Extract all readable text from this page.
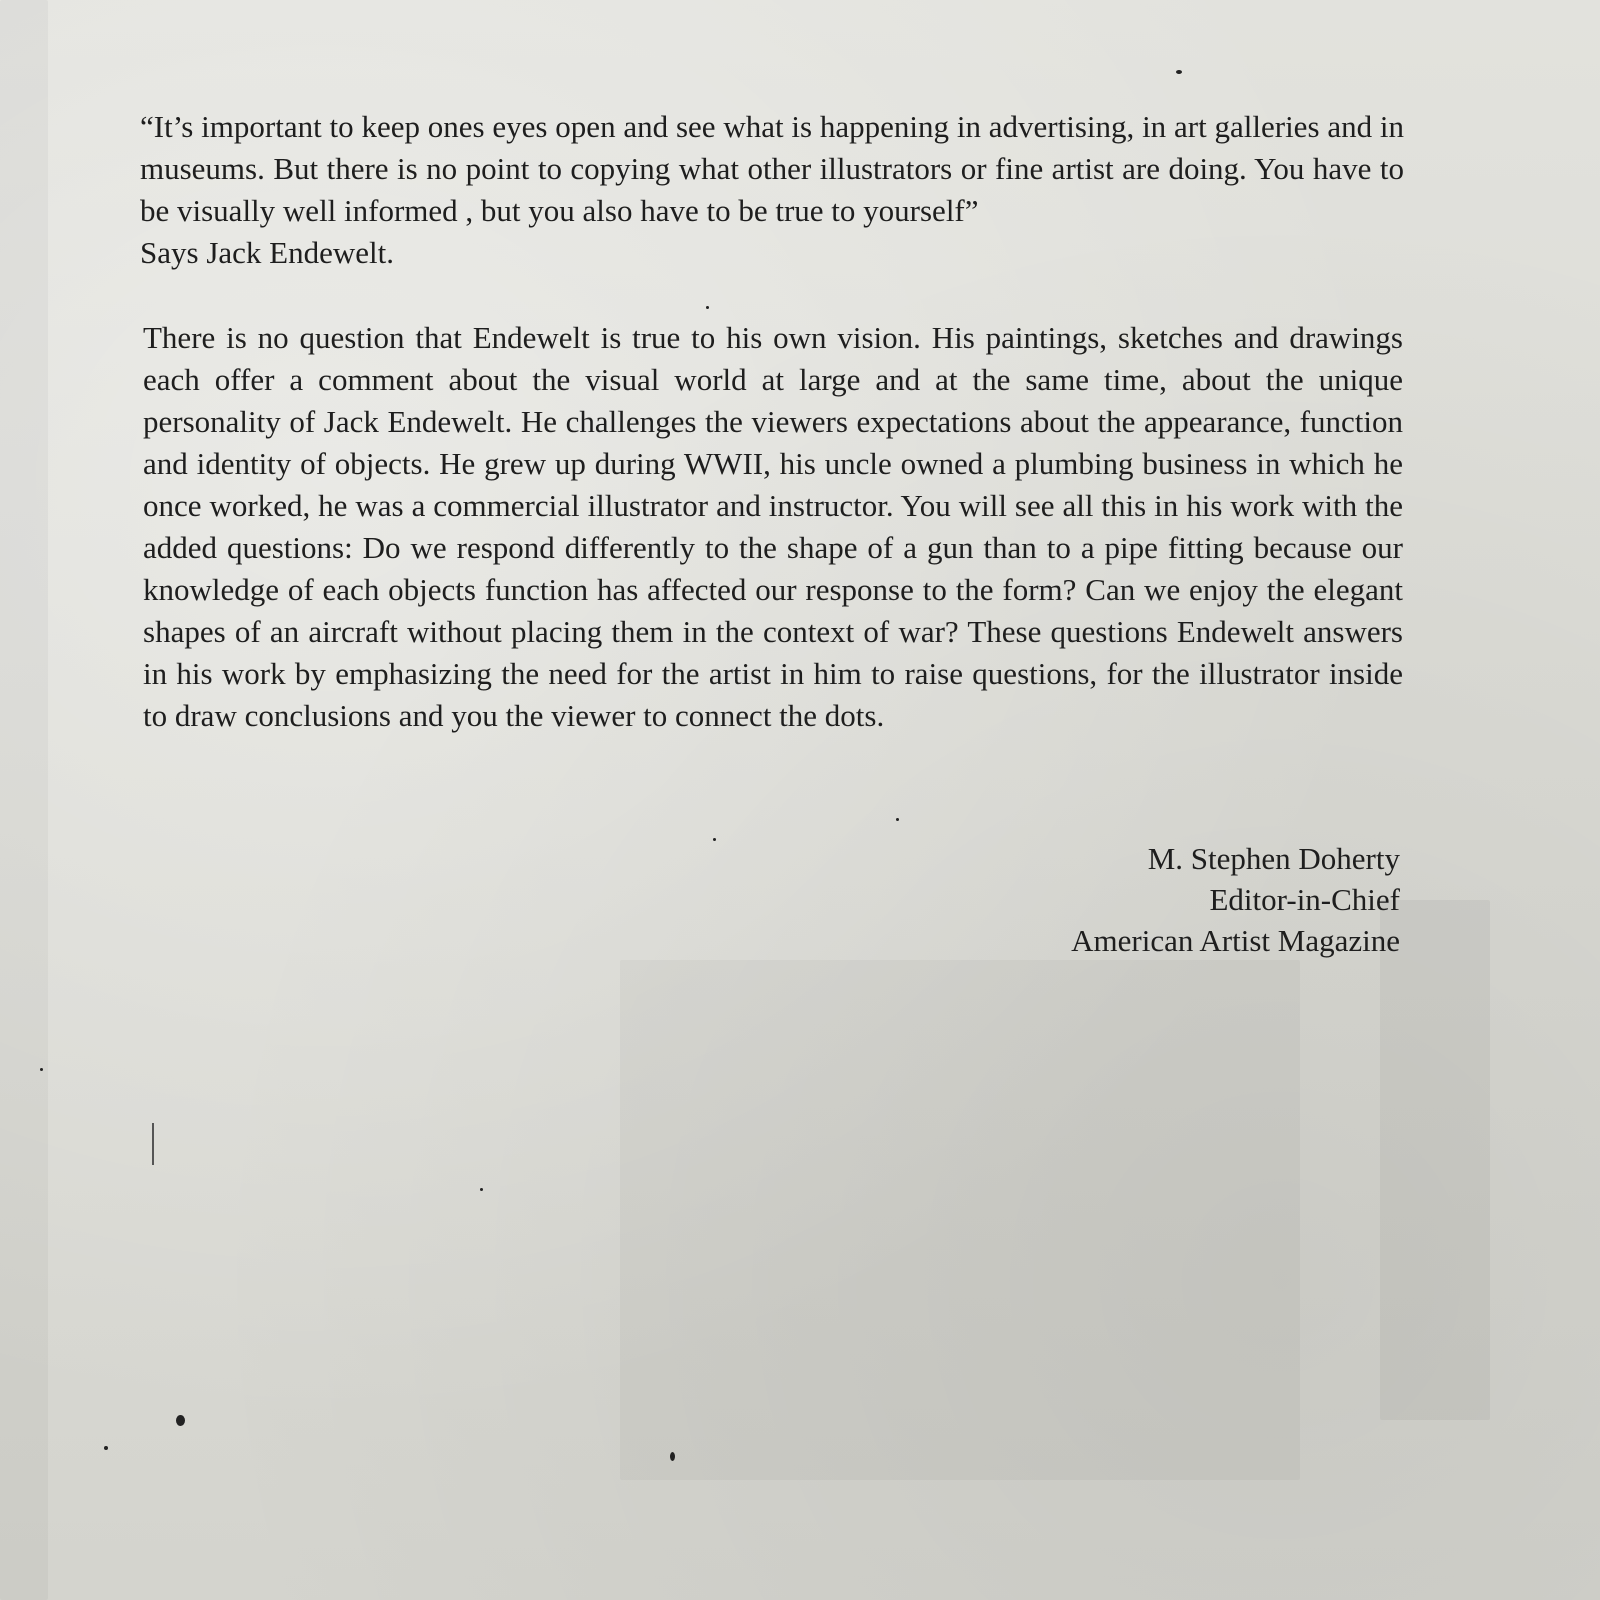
“It’s important to keep ones eyes open and see what is happening in advertising, in art galleries and in museums. But there is no point to copying what other illustrators or fine artist are doing. You have to be visually well informed , but you also have to be true to yourself”
Says Jack Endewelt.
There is no question that Endewelt is true to his own vision. His paintings, sketches and drawings each offer a comment about the visual world at large and at the same time, about the unique personality of Jack Endewelt. He challenges the viewers expectations about the appearance, function and identity of objects. He grew up during WWII, his uncle owned a plumbing business in which he once worked, he was a commercial illustrator and instructor. You will see all this in his work with the added questions: Do we respond differently to the shape of a gun than to a pipe fitting because our knowledge of each objects function has affected our response to the form? Can we enjoy the elegant shapes of an aircraft without placing them in the context of war? These questions Endewelt answers in his work by emphasizing the need for the artist in him to raise questions, for the illustrator inside to draw conclusions and you the viewer to connect the dots.
M. Stephen Doherty
Editor-in-Chief
American Artist Magazine
